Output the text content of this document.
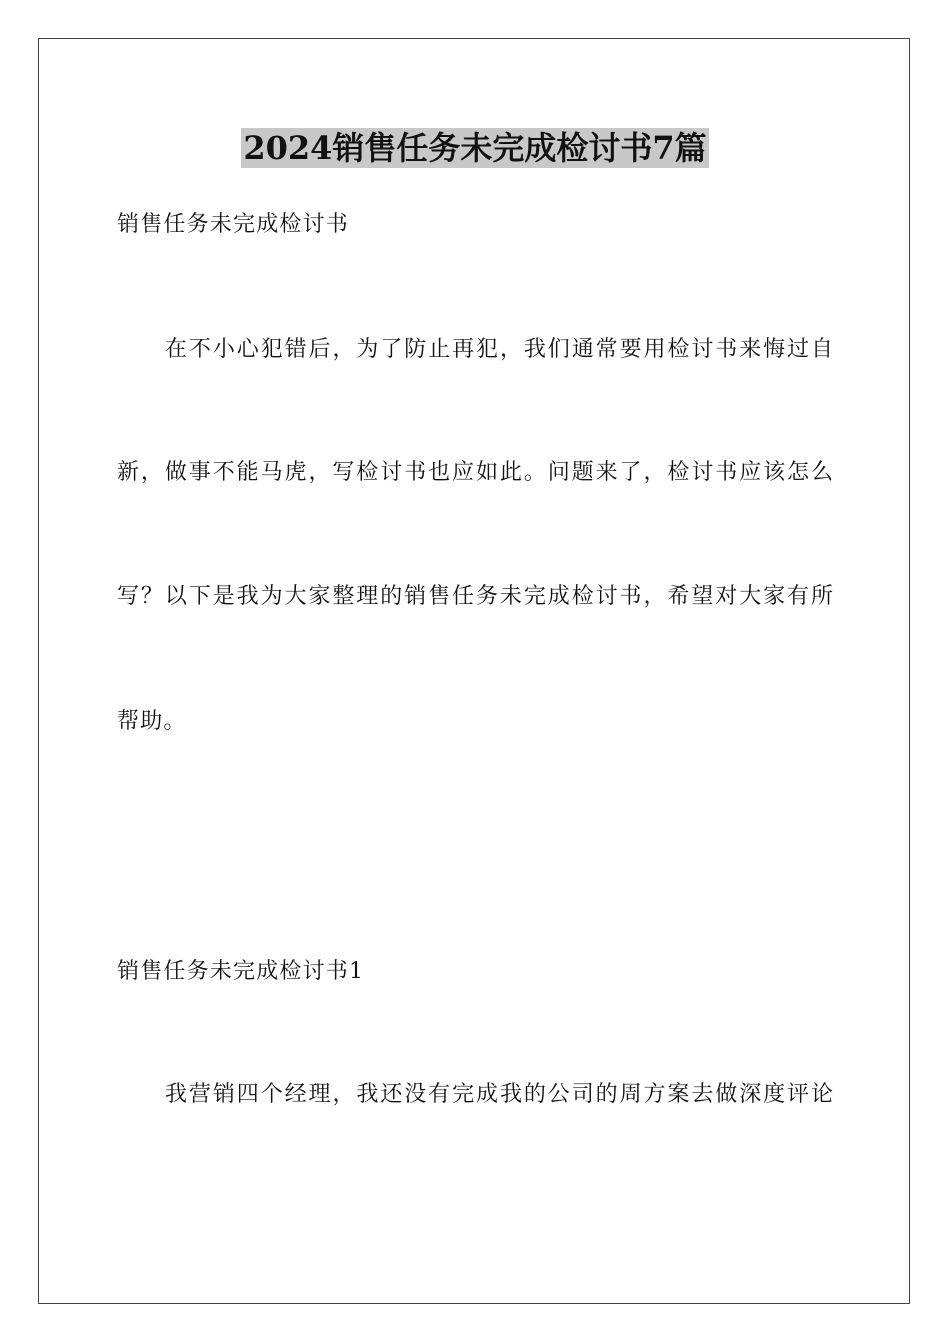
2024销售任务未完成检讨书7篇

销售任务未完成检讨书

在不小心犯错后，为了防止再犯，我们通常要用检讨书来悔过自

新，做事不能马虎，写检讨书也应如此。问题来了，检讨书应该怎么

写？以下是我为大家整理的销售任务未完成检讨书，希望对大家有所

帮助。

销售任务未完成检讨书1

我营销四个经理，我还没有完成我的公司的周方案去做深度评论
